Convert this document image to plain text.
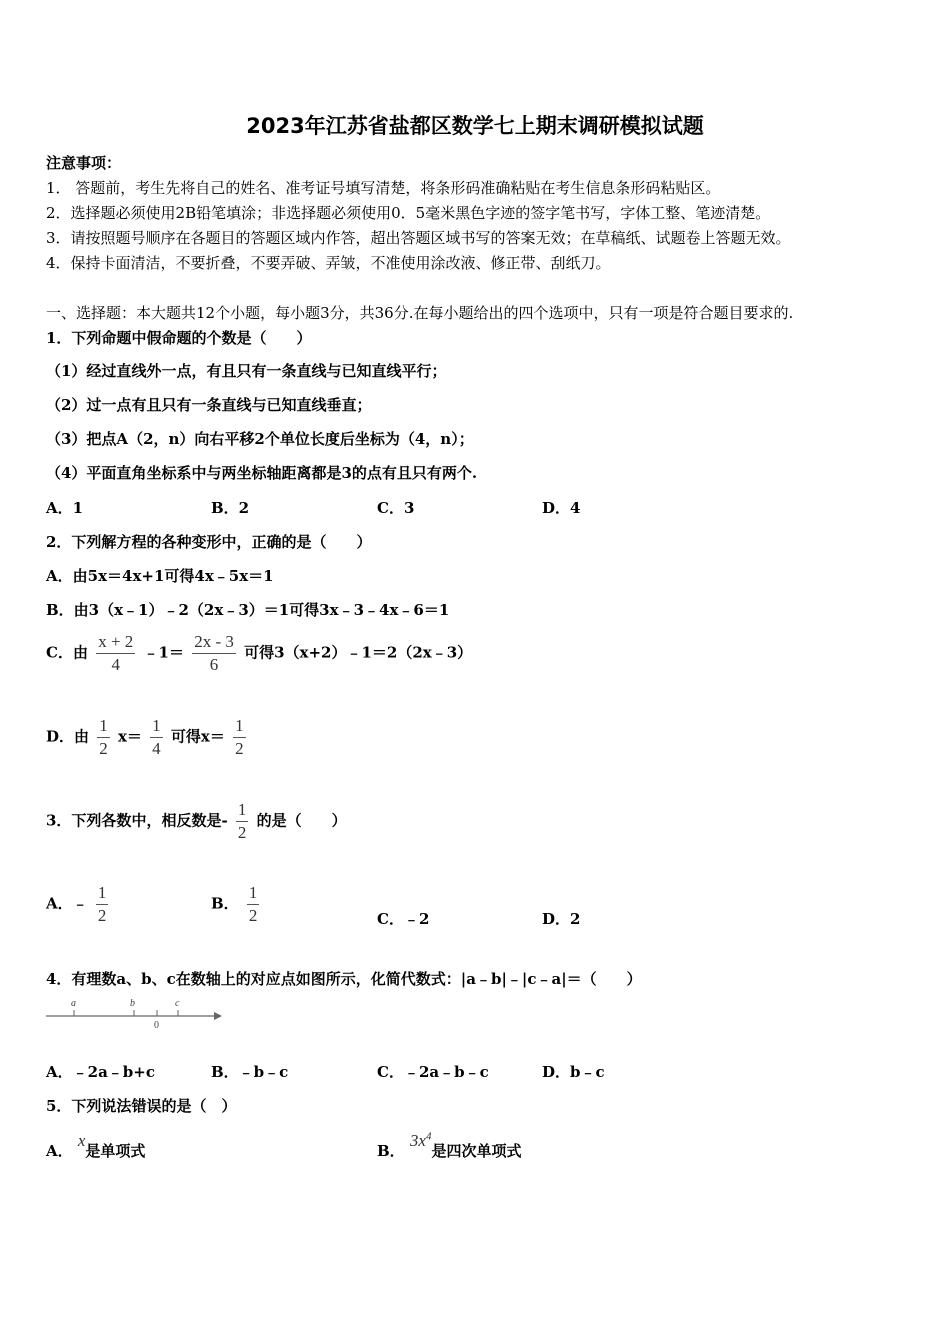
2023年江苏省盐都区数学七上期末调研模拟试题
注意事项：
1． 答题前，考生先将自己的姓名、准考证号填写清楚，将条形码准确粘贴在考生信息条形码粘贴区。
2．选择题必须使用2B铅笔填涂；非选择题必须使用0．5毫米黑色字迹的签字笔书写，字体工整、笔迹清楚。
3．请按照题号顺序在各题目的答题区域内作答，超出答题区域书写的答案无效；在草稿纸、试题卷上答题无效。
4．保持卡面清洁，不要折叠，不要弄破、弄皱，不准使用涂改液、修正带、刮纸刀。
一、选择题：本大题共12个小题，每小题3分，共36分.在每小题给出的四个选项中，只有一项是符合题目要求的.
1．下列命题中假命题的个数是（　　）
（1）经过直线外一点，有且只有一条直线与已知直线平行；
（2）过一点有且只有一条直线与已知直线垂直；
（3）把点A（2，n）向右平移2个单位长度后坐标为（4，n）；
（4）平面直角坐标系中与两坐标轴距离都是3的点有且只有两个.
A．1	B．2	C．3	D．4
2．下列解方程的各种变形中，正确的是（　　）
A．由5x＝4x+1可得4x﹣5x＝1
B．由3（x﹣1）﹣2（2x﹣3）＝1可得3x﹣3﹣4x﹣6＝1
C．由 $\frac{x + 2}{4}$ ﹣1＝ $\frac{2x - 3}{6}$ 可得3（x+2）﹣1＝2（2x﹣3）
D．由 $\frac{1}{2} x= \frac{1}{4}$ 可得$x= \frac{1}{2}$
3．下列各数中，相反数是- $\frac{1}{2}$ 的是（　　）
A．﹣ $\frac{1}{2}$	B． $\frac{1}{2}$	C．﹣2	D．2
4．有理数a、b、c在数轴上的对应点如图所示，化简代数式：|a﹣b|﹣|c﹣a|＝（　　）
a	b	c
0
A．﹣2a﹣b+c	B．﹣b﹣c	C．﹣2a﹣b﹣c	D．b﹣c
5．下列说法错误的是（　）
A． x是单项式	B． $3x^4$是四次单项式
